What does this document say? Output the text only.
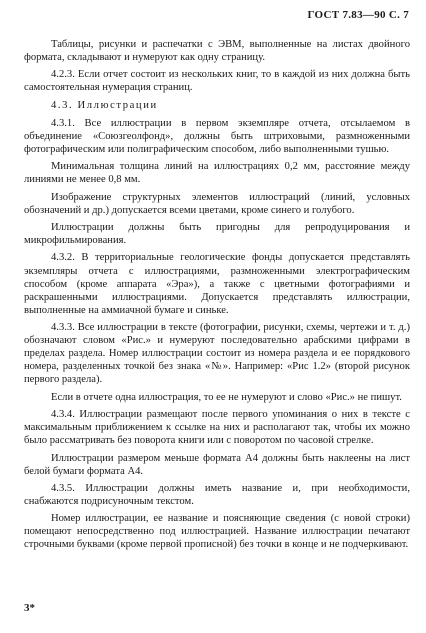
ГОСТ 7.83—90 С. 7

Таблицы, рисунки и распечатки с ЭВМ, выполненные на листах двойного формата, складывают и нумеруют как одну страницу.

4.2.3. Если отчет состоит из нескольких книг, то в каждой из них должна быть самостоятельная нумерация страниц.

4.3. Иллюстрации

4.3.1. Все иллюстрации в первом экземпляре отчета, отсылаемом в объединение «Союзгеолфонд», должны быть штриховыми, размноженными фотографическим или полиграфическим способом, либо выполненными тушью.

Минимальная толщина линий на иллюстрациях 0,2 мм, расстояние между линиями не менее 0,8 мм.

Изображение структурных элементов иллюстраций (линий, условных обозначений и др.) допускается всеми цветами, кроме синего и голубого.

Иллюстрации должны быть пригодны для репродуцирования и микрофильмирования.

4.3.2. В территориальные геологические фонды допускается представлять экземпляры отчета с иллюстрациями, размноженными электрографическим способом (кроме аппарата «Эра»), а также с цветными фотографиями и раскрашенными иллюстрациями. Допускается представлять иллюстрации, выполненные на аммиачной бумаге и синьке.

4.3.3. Все иллюстрации в тексте (фотографии, рисунки, схемы, чертежи и т. д.) обозначают словом «Рис.» и нумеруют последовательно арабскими цифрами в пределах раздела. Номер иллюстрации состоит из номера раздела и ее порядкового номера, разделенных точкой без знака «№». Например: «Рис 1.2» (второй рисунок первого раздела).

Если в отчете одна иллюстрация, то ее не нумеруют и слово «Рис.» не пишут.

4.3.4. Иллюстрации размещают после первого упоминания о них в тексте с максимальным приближением к ссылке на них и располагают так, чтобы их можно было рассматривать без поворота книги или с поворотом по часовой стрелке.

Иллюстрации размером меньше формата А4 должны быть наклеены на лист белой бумаги формата А4.

4.3.5. Иллюстрации должны иметь название и, при необходимости, снабжаются подрисуночным текстом.

Номер иллюстрации, ее название и поясняющие сведения (с новой строки) помещают непосредственно под иллюстрацией. Название иллюстрации печатают строчными буквами (кроме первой прописной) без точки в конце и не подчеркивают.

3*
